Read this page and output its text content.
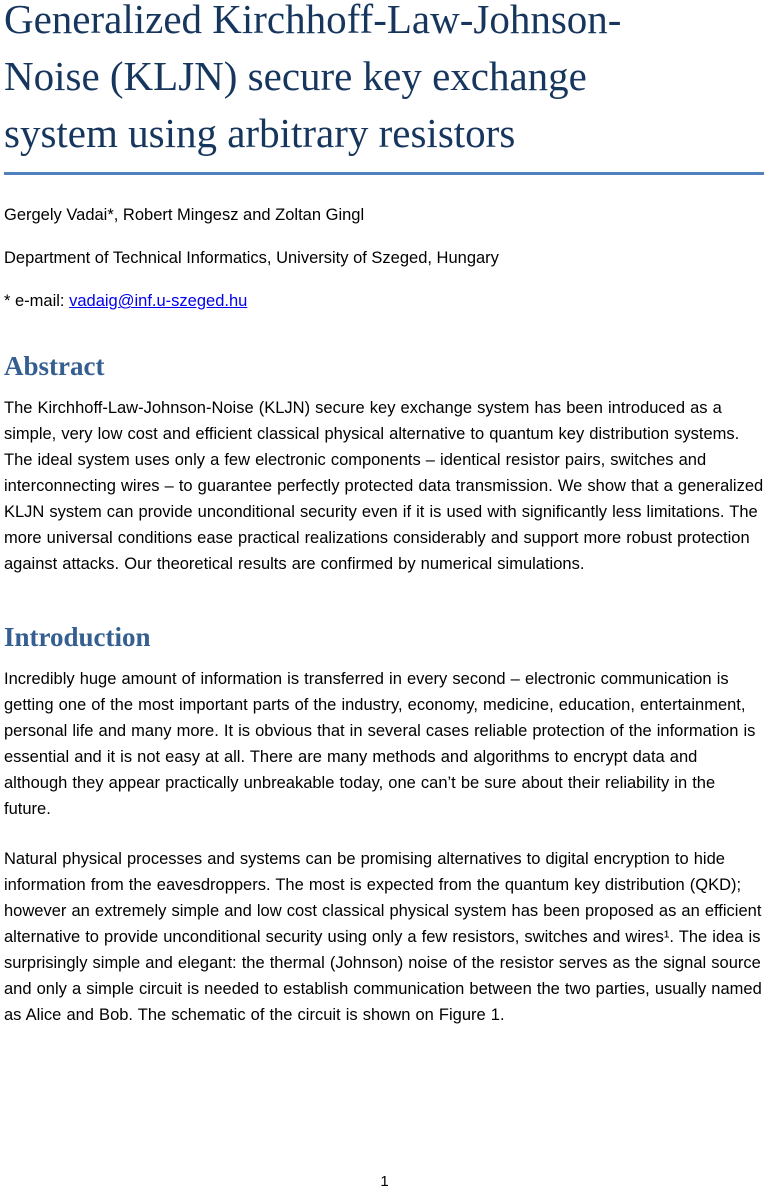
Generalized Kirchhoff-Law-Johnson-
Noise (KLJN) secure key exchange
system using arbitrary resistors

Gergely Vadai*, Robert Mingesz and Zoltan Gingl

Department of Technical Informatics, University of Szeged, Hungary

* e-mail: vadaig@inf.u-szeged.hu

Abstract

The Kirchhoff-Law-Johnson-Noise (KLJN) secure key exchange system has been introduced as a simple, very low cost and efficient classical physical alternative to quantum key distribution systems. The ideal system uses only a few electronic components – identical resistor pairs, switches and interconnecting wires – to guarantee perfectly protected data transmission. We show that a generalized KLJN system can provide unconditional security even if it is used with significantly less limitations. The more universal conditions ease practical realizations considerably and support more robust protection against attacks. Our theoretical results are confirmed by numerical simulations.

Introduction

Incredibly huge amount of information is transferred in every second – electronic communication is getting one of the most important parts of the industry, economy, medicine, education, entertainment, personal life and many more. It is obvious that in several cases reliable protection of the information is essential and it is not easy at all. There are many methods and algorithms to encrypt data and although they appear practically unbreakable today, one can’t be sure about their reliability in the future.

Natural physical processes and systems can be promising alternatives to digital encryption to hide information from the eavesdroppers. The most is expected from the quantum key distribution (QKD); however an extremely simple and low cost classical physical system has been proposed as an efficient alternative to provide unconditional security using only a few resistors, switches and wires¹. The idea is surprisingly simple and elegant: the thermal (Johnson) noise of the resistor serves as the signal source and only a simple circuit is needed to establish communication between the two parties, usually named as Alice and Bob. The schematic of the circuit is shown on Figure 1.

1
